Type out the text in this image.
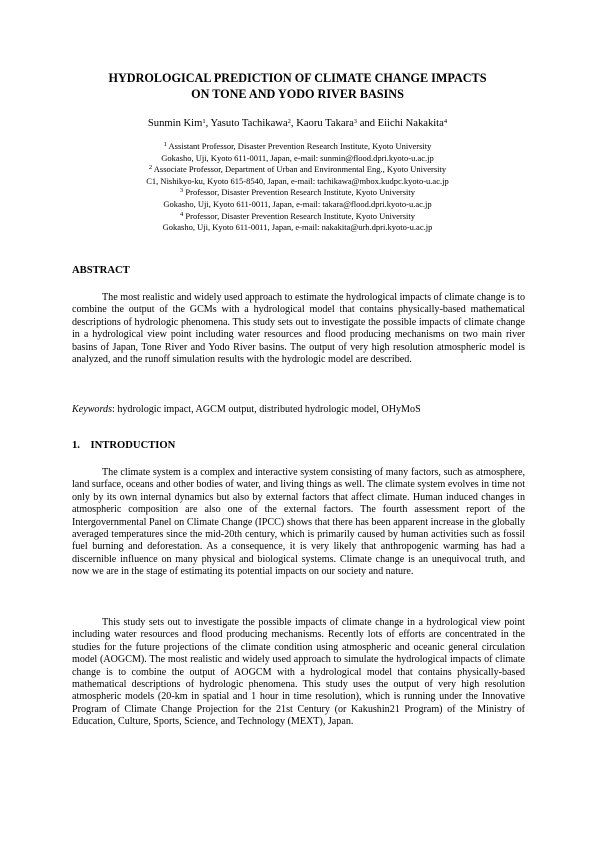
HYDROLOGICAL PREDICTION OF CLIMATE CHANGE IMPACTS
ON TONE AND YODO RIVER BASINS
Sunmin Kim$^1$, Yasuto Tachikawa$^2$, Kaoru Takara$^3$ and Eiichi Nakakita$^4$
$^1$ Assistant Professor, Disaster Prevention Research Institute, Kyoto University
Gokasho, Uji, Kyoto 611-0011, Japan, e-mail: sunmin@flood.dpri.kyoto-u.ac.jp
$^2$ Associate Professor, Department of Urban and Environmental Eng., Kyoto University
C1, Nishikyo-ku, Kyoto 615-8540, Japan, e-mail: tachikawa@mbox.kudpc.kyoto-u.ac.jp
$^3$ Professor, Disaster Prevention Research Institute, Kyoto University
Gokasho, Uji, Kyoto 611-0011, Japan, e-mail: takara@flood.dpri.kyoto-u.ac.jp
$^4$ Professor, Disaster Prevention Research Institute, Kyoto University
Gokasho, Uji, Kyoto 611-0011, Japan, e-mail: nakakita@urh.dpri.kyoto-u.ac.jp
ABSTRACT
The most realistic and widely used approach to estimate the hydrological impacts of climate change is to combine the output of the GCMs with a hydrological model that contains physically-based mathematical descriptions of hydrologic phenomena. This study sets out to investigate the possible impacts of climate change in a hydrological view point including water resources and flood producing mechanisms on two main river basins of Japan, Tone River and Yodo River basins. The output of very high resolution atmospheric model is analyzed, and the runoff simulation results with the hydrologic model are described.
Keywords: hydrologic impact, AGCM output, distributed hydrologic model, OHyMoS
1.    INTRODUCTION
The climate system is a complex and interactive system consisting of many factors, such as atmosphere, land surface, oceans and other bodies of water, and living things as well. The climate system evolves in time not only by its own internal dynamics but also by external factors that affect climate. Human induced changes in atmospheric composition are also one of the external factors. The fourth assessment report of the Intergovernmental Panel on Climate Change (IPCC) shows that there has been apparent increase in the globally averaged temperatures since the mid-20th century, which is primarily caused by human activities such as fossil fuel burning and deforestation. As a consequence, it is very likely that anthropogenic warming has had a discernible influence on many physical and biological systems. Climate change is an unequivocal truth, and now we are in the stage of estimating its potential impacts on our society and nature.
This study sets out to investigate the possible impacts of climate change in a hydrological view point including water resources and flood producing mechanisms. Recently lots of efforts are concentrated in the studies for the future projections of the climate condition using atmospheric and oceanic general circulation model (AOGCM). The most realistic and widely used approach to simulate the hydrological impacts of climate change is to combine the output of AOGCM with a hydrological model that contains physically-based mathematical descriptions of hydrologic phenomena. This study uses the output of very high resolution atmospheric models (20-km in spatial and 1 hour in time resolution), which is running under the Innovative Program of Climate Change Projection for the 21st Century (or Kakushin21 Program) of the Ministry of Education, Culture, Sports, Science, and Technology (MEXT), Japan.
